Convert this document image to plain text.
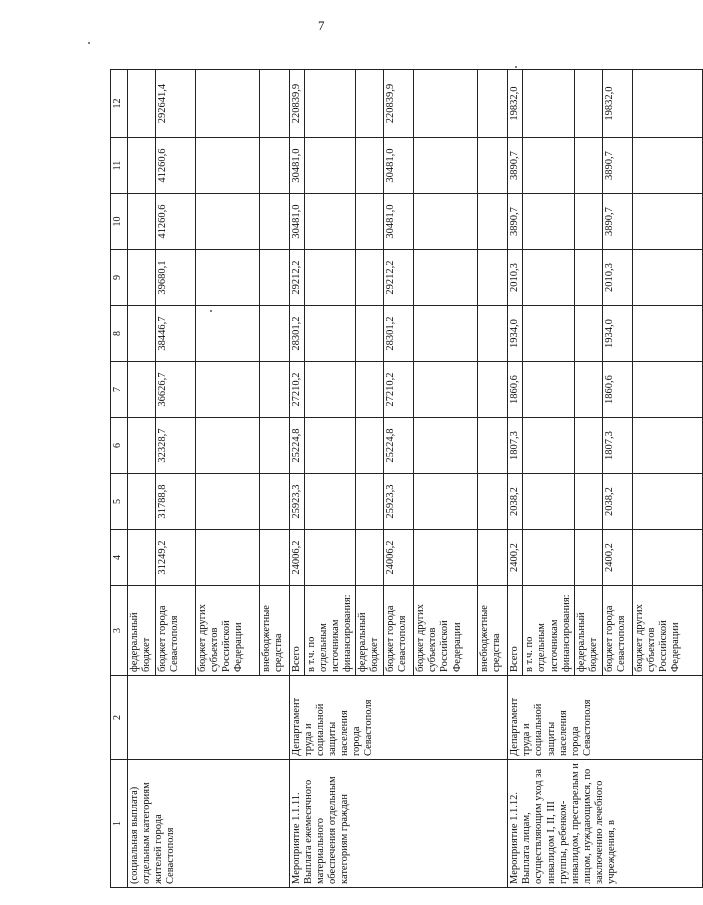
7
1	2	3	4	5	6	7	8	9	10	11	12
(социальная выплата) отдельным категориям жителей города Севастополя		федеральный бюджет									
		бюджет города Севастополя	31249,2	31788,8	32328,7	36626,7	38446,7	39680,1	41260,6	41260,6	292641,4
		бюджет других субъектов Российской Федерации									
		внебюджетные средства									
Мероприятие 1.1.11. Выплата ежемесячного материального обеспечения отдельным категориям граждан	Департамент труда и социальной защиты населения города Севастополя	Всего	24006,2	25923,3	25224,8	27210,2	28301,2	29212,2	30481,0	30481,0	220839,9
		в т.ч. по отдельным источникам финансирования:									
		федеральный бюджет									
		бюджет города Севастополя	24006,2	25923,3	25224,8	27210,2	28301,2	29212,2	30481,0	30481,0	220839,9
		бюджет других субъектов Российской Федерации									
		внебюджетные средства									
Мероприятие 1.1.12. Выплата лицам, осуществляющим уход за инвалидом I, II, III группы, ребенком-инвалидом, престарелым и лицом, нуждающимся, по заключению лечебного учреждения, в	Департамент труда и социальной защиты населения города Севастополя	Всего	2400,2	2038,2	1807,3	1860,6	1934,0	2010,3	3890,7	3890,7	19832,0
		в т.ч. по отдельным источникам финансирования:									
		федеральный бюджет									
		бюджет города Севастополя	2400,2	2038,2	1807,3	1860,6	1934,0	2010,3	3890,7	3890,7	19832,0
		бюджет других субъектов Российской Федерации									
